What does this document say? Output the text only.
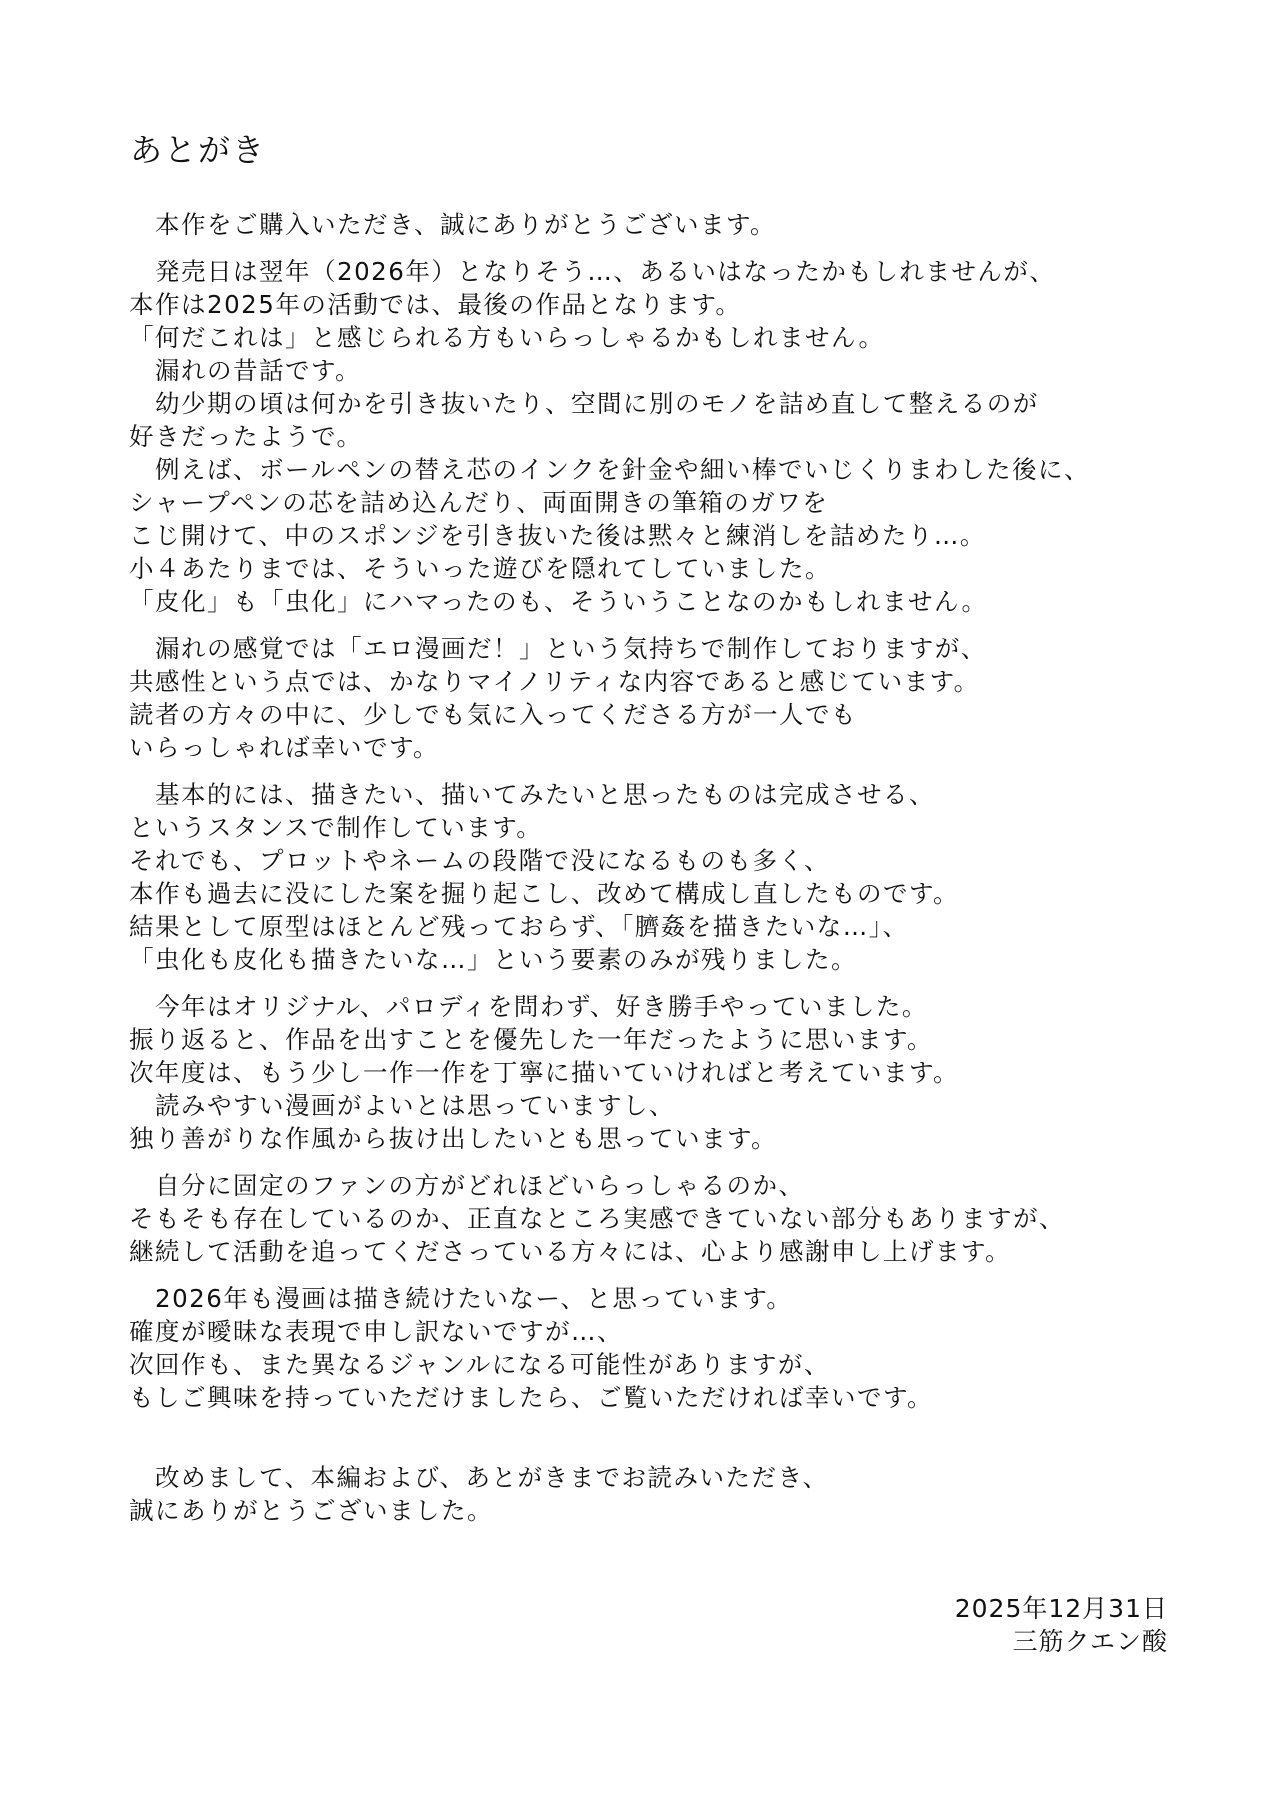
あとがき
　本作をご購入いただき、誠にありがとうございます。
　発売日は翌年（2026年）となりそう…、あるいはなったかもしれませんが、
本作は2025年の活動では、最後の作品となります。
「何だこれは」と感じられる方もいらっしゃるかもしれません。
　漏れの昔話です。
　幼少期の頃は何かを引き抜いたり、空間に別のモノを詰め直して整えるのが
好きだったようで。
　例えば、ボールペンの替え芯のインクを針金や細い棒でいじくりまわした後に、
シャープペンの芯を詰め込んだり、両面開きの筆箱のガワを
こじ開けて、中のスポンジを引き抜いた後は黙々と練消しを詰めたり…。
小４あたりまでは、そういった遊びを隠れてしていました。
「皮化」も「虫化」にハマったのも、そういうことなのかもしれません。
　漏れの感覚では「エロ漫画だ！」という気持ちで制作しておりますが、
共感性という点では、かなりマイノリティな内容であると感じています。
読者の方々の中に、少しでも気に入ってくださる方が一人でも
いらっしゃれば幸いです。
　基本的には、描きたい、描いてみたいと思ったものは完成させる、
というスタンスで制作しています。
それでも、プロットやネームの段階で没になるものも多く、
本作も過去に没にした案を掘り起こし、改めて構成し直したものです。
結果として原型はほとんど残っておらず、「臍姦を描きたいな…」、
「虫化も皮化も描きたいな…」という要素のみが残りました。
　今年はオリジナル、パロディを問わず、好き勝手やっていました。
振り返ると、作品を出すことを優先した一年だったように思います。
次年度は、もう少し一作一作を丁寧に描いていければと考えています。
　読みやすい漫画がよいとは思っていますし、
独り善がりな作風から抜け出したいとも思っています。
　自分に固定のファンの方がどれほどいらっしゃるのか、
そもそも存在しているのか、正直なところ実感できていない部分もありますが、
継続して活動を追ってくださっている方々には、心より感謝申し上げます。
　2026年も漫画は描き続けたいなー、と思っています。
確度が曖昧な表現で申し訳ないですが…、
次回作も、また異なるジャンルになる可能性がありますが、
もしご興味を持っていただけましたら、ご覧いただければ幸いです。
　改めまして、本編および、あとがきまでお読みいただき、
誠にありがとうございました。
2025年12月31日
三筋クエン酸
